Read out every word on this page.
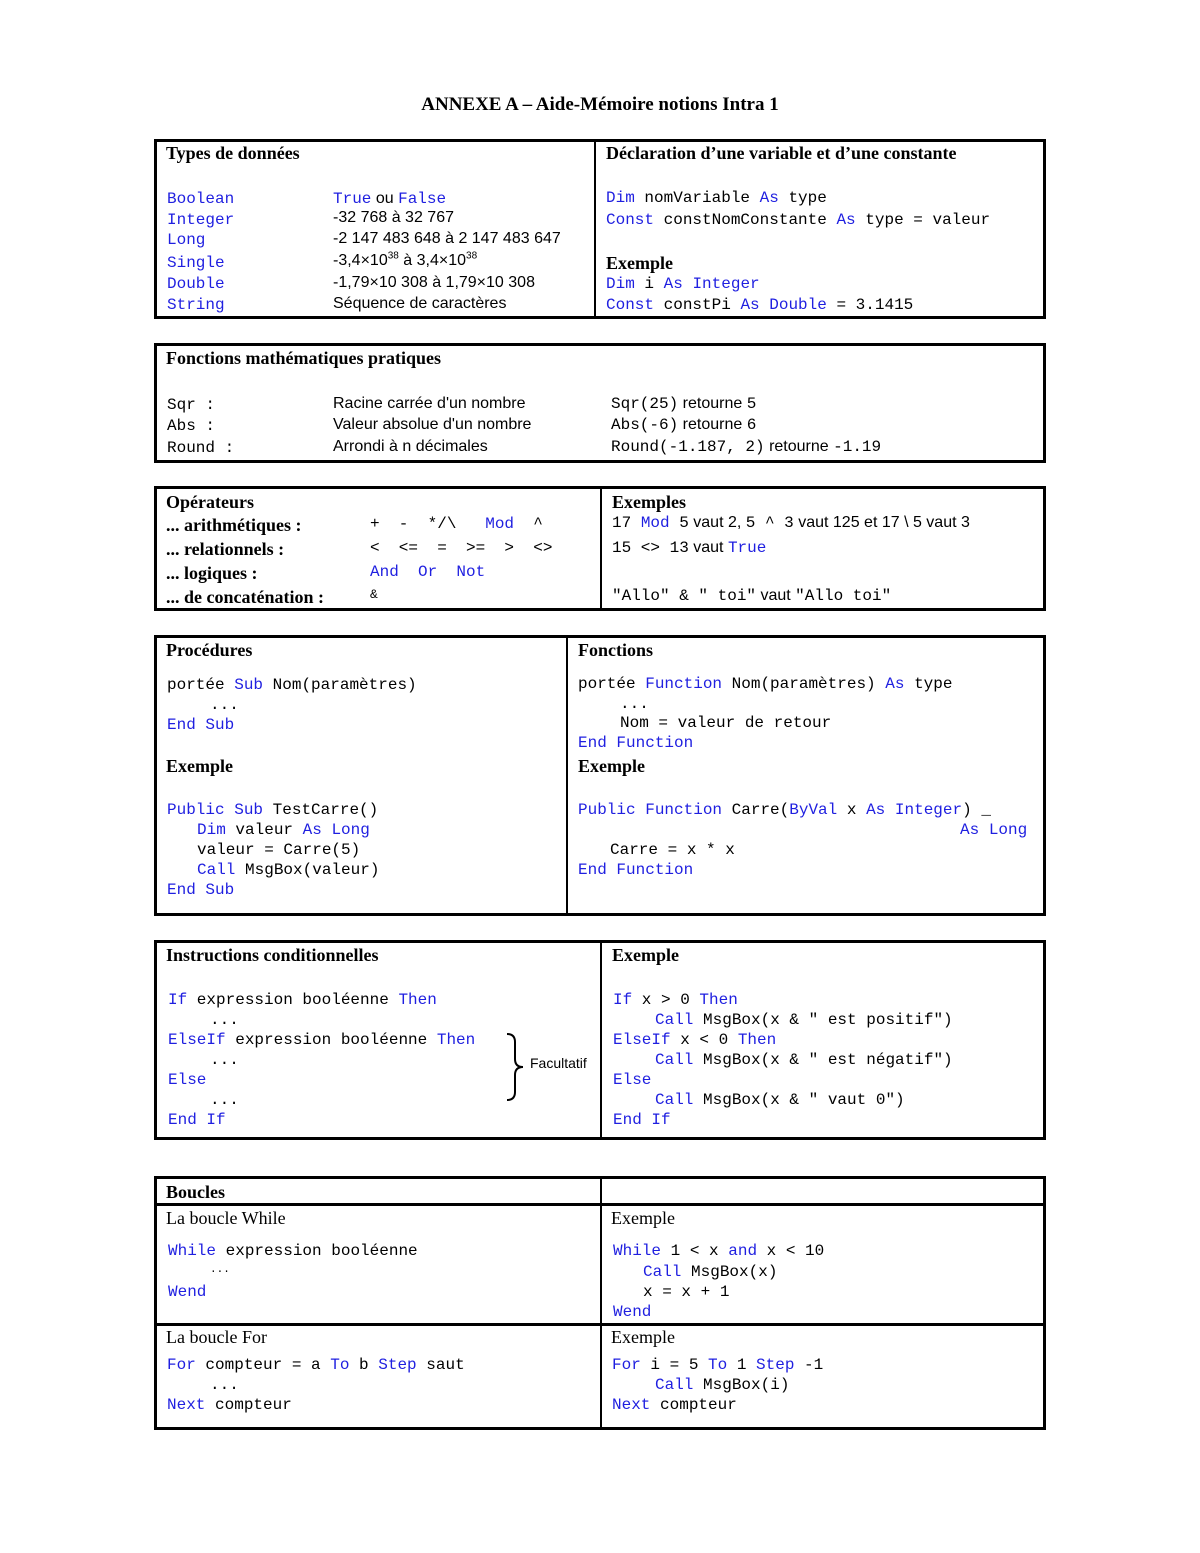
ANNEXE A – Aide-Mémoire notions Intra 1
Types de données
Boolean	True ou False
Integer	-32 768 à 32 767
Long	-2 147 483 648 à 2 147 483 647
Single	$-3,4\times 10^{38}$ à $3,4\times 10^{38}$
Double	-1,79×10 308 à 1,79×10 308
String	Séquence de caractères
Déclaration d’une variable et d’une constante
Dim nomVariable As type
Const constNomConstante As type = valeur
Exemple
Dim i As Integer
Const constPi As Double = 3.1415
Fonctions mathématiques pratiques
Sqr :	Racine carrée d'un nombre	Sqr(25) retourne 5
Abs :	Valeur absolue d'un nombre	Abs(-6) retourne 6
Round :	Arrondi à n décimales	Round(-1.187, 2) retourne -1.19
Opérateurs
... arithmétiques :	+  -  */\   Mod ^
... relationnels :	<  <=  =  >=  >  <>
... logiques :	And Or Not
... de concaténation :	&
Exemples
17 Mod 5 vaut 2, 5 ^ 3 vaut 125 et 17 \ 5 vaut 3
15 <> 13 vaut True
"Allo" & " toi" vaut "Allo toi"
Procédures
portée Sub Nom(paramètres)
...
End Sub
Exemple
Public Sub TestCarre()
Dim valeur As Long
valeur = Carre(5)
Call MsgBox(valeur)
End Sub
Fonctions
portée Function Nom(paramètres) As type
...
Nom = valeur de retour
End Function
Exemple
Public Function Carre(ByVal x As Integer) _
As Long
Carre = x * x
End Function
Instructions conditionnelles
If expression booléenne Then
...
ElseIf expression booléenne Then
...
Else
...
End If
Facultatif
Exemple
If x > 0 Then
Call MsgBox(x & " est positif")
ElseIf x < 0 Then
Call MsgBox(x & " est négatif")
Else
Call MsgBox(x & " vaut 0")
End If
Boucles
La boucle While
While expression booléenne
...
Wend
Exemple
While 1 < x and x < 10
Call MsgBox(x)
x = x + 1
Wend
La boucle For
For compteur = a To b Step saut
...
Next compteur
Exemple
For i = 5 To 1 Step -1
Call MsgBox(i)
Next compteur
